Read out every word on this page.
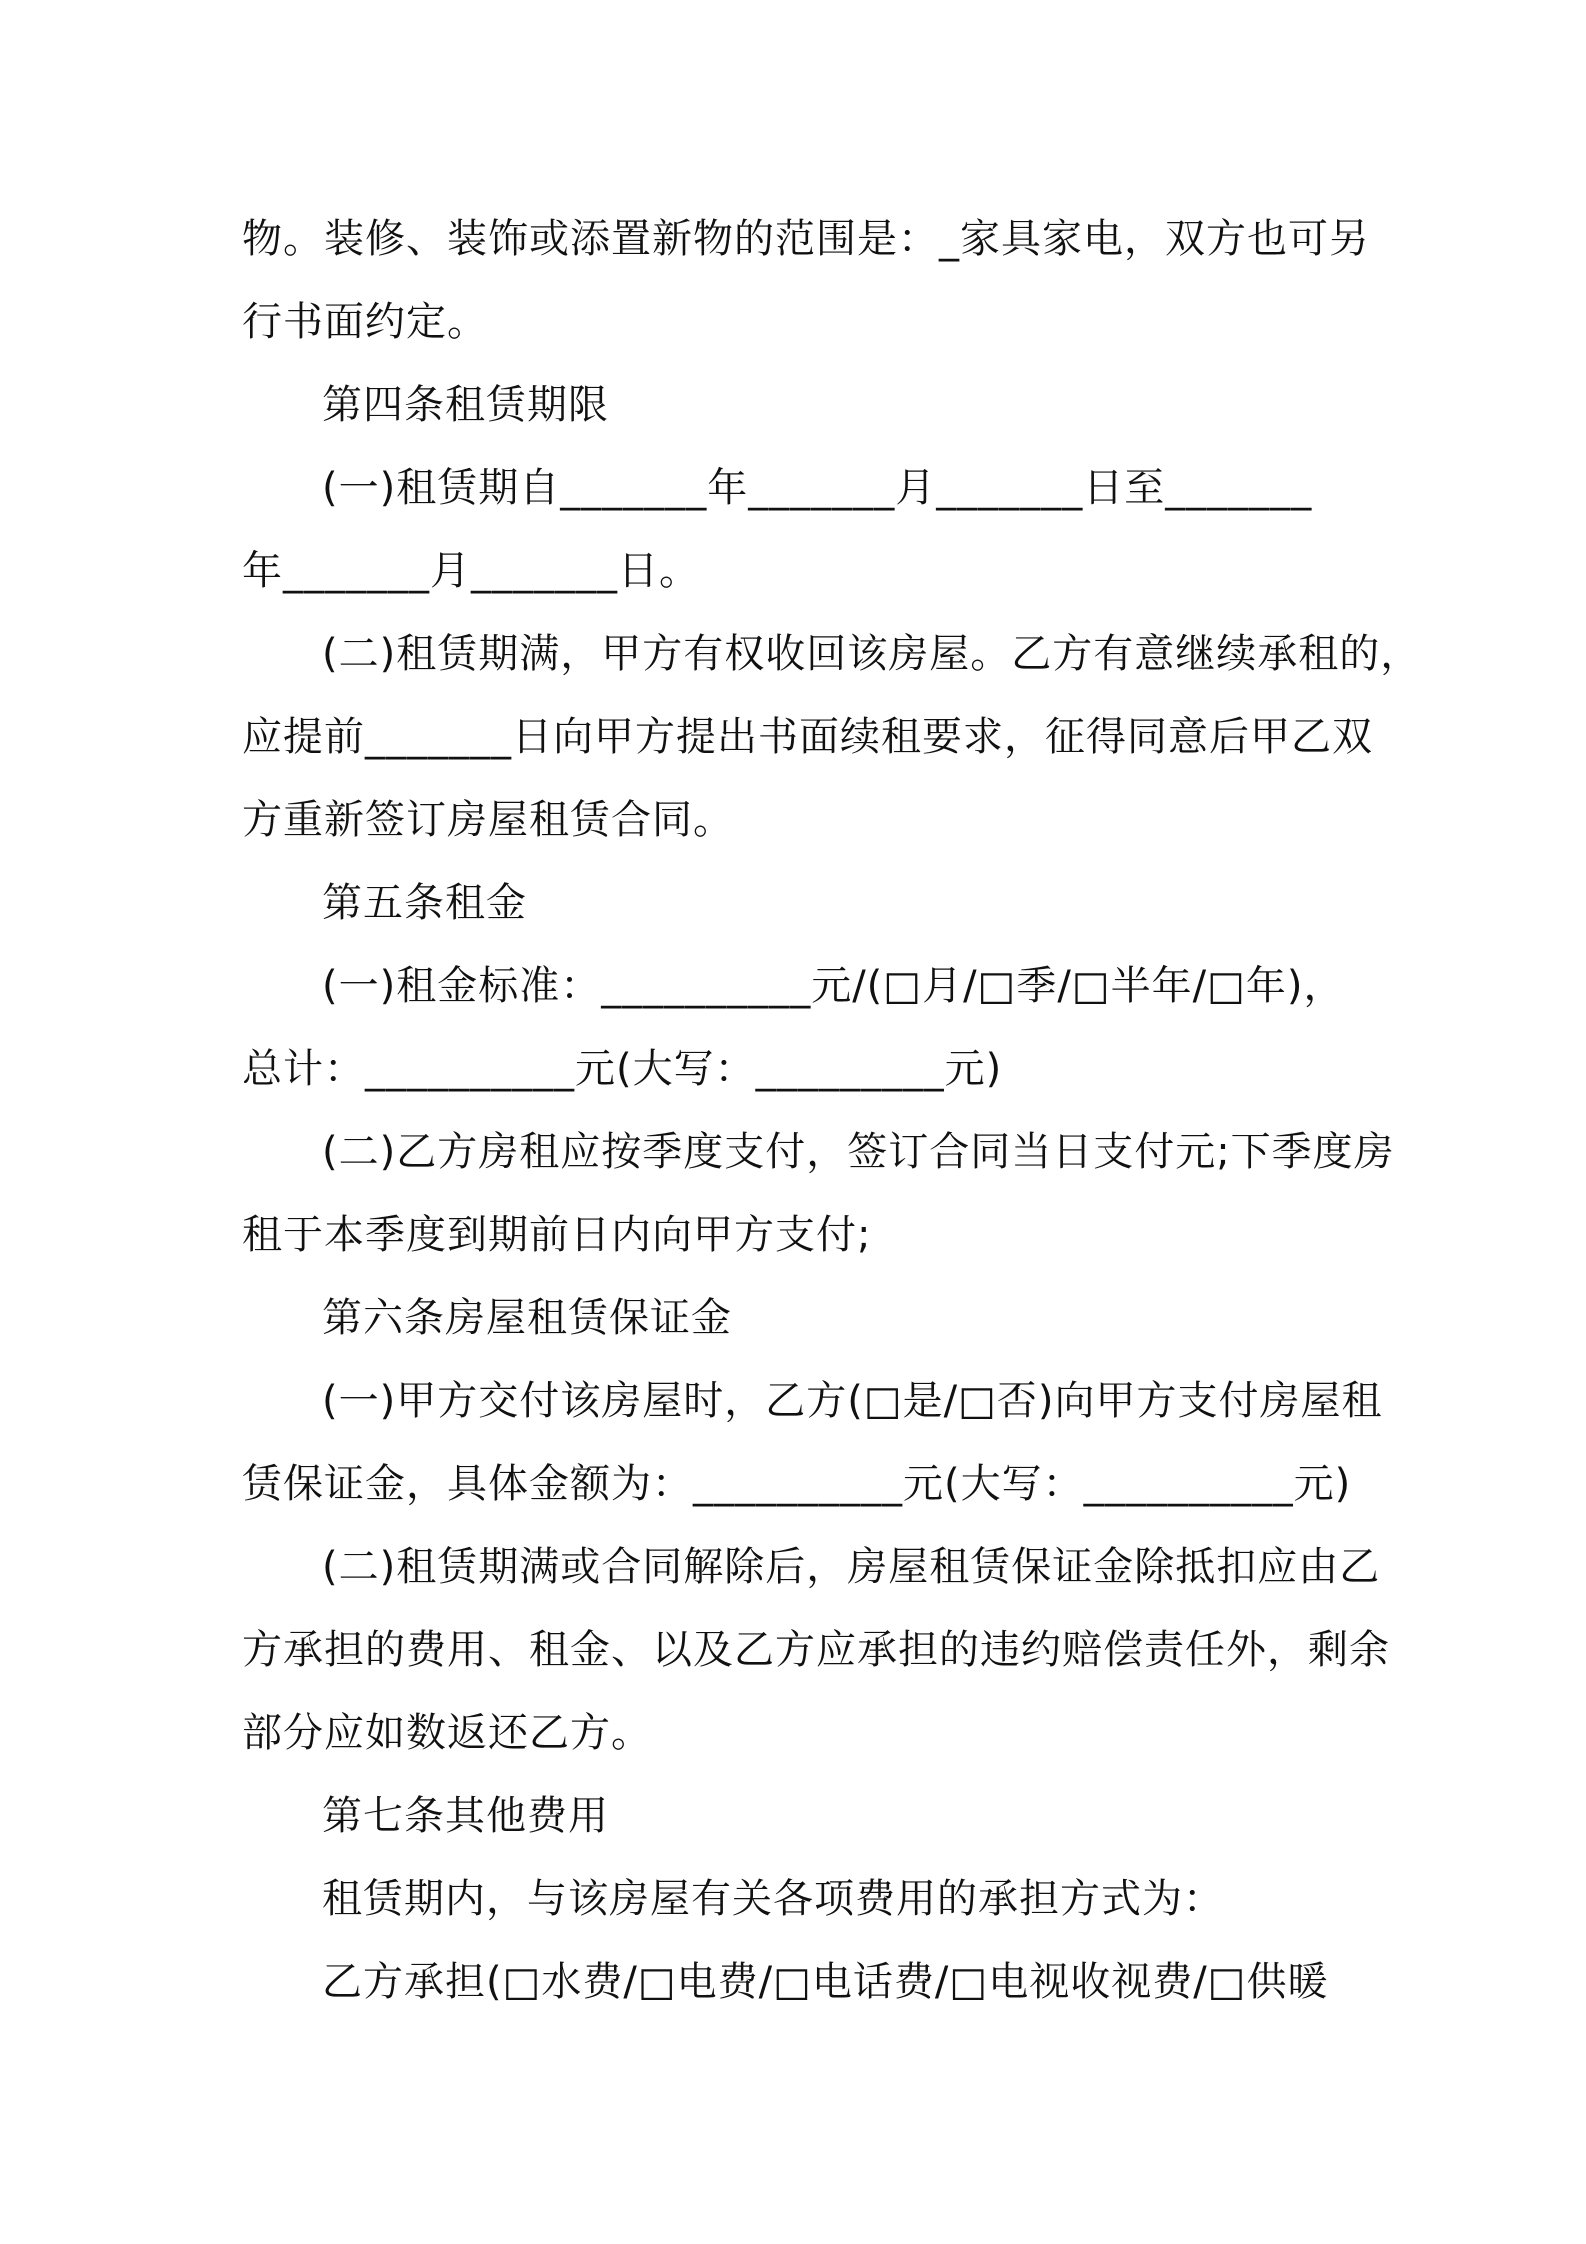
物。装修、装饰或添置新物的范围是：_家具家电，双方也可另
行书面约定。

第四条租赁期限

(一)租赁期自_______年_______月_______日至_______
年_______月_______日。

(二)租赁期满，甲方有权收回该房屋。乙方有意继续承租的，
应提前_______日向甲方提出书面续租要求，征得同意后甲乙双
方重新签订房屋租赁合同。

第五条租金

(一)租金标准：__________元/(□月/□季/□半年/□年)，
总计：__________元(大写：_________元)

(二)乙方房租应按季度支付，签订合同当日支付元;下季度房
租于本季度到期前日内向甲方支付;

第六条房屋租赁保证金

(一)甲方交付该房屋时，乙方(□是/□否)向甲方支付房屋租
赁保证金，具体金额为：__________元(大写：__________元)

(二)租赁期满或合同解除后，房屋租赁保证金除抵扣应由乙
方承担的费用、租金、以及乙方应承担的违约赔偿责任外，剩余
部分应如数返还乙方。

第七条其他费用

租赁期内，与该房屋有关各项费用的承担方式为：

乙方承担(□水费/□电费/□电话费/□电视收视费/□供暖
